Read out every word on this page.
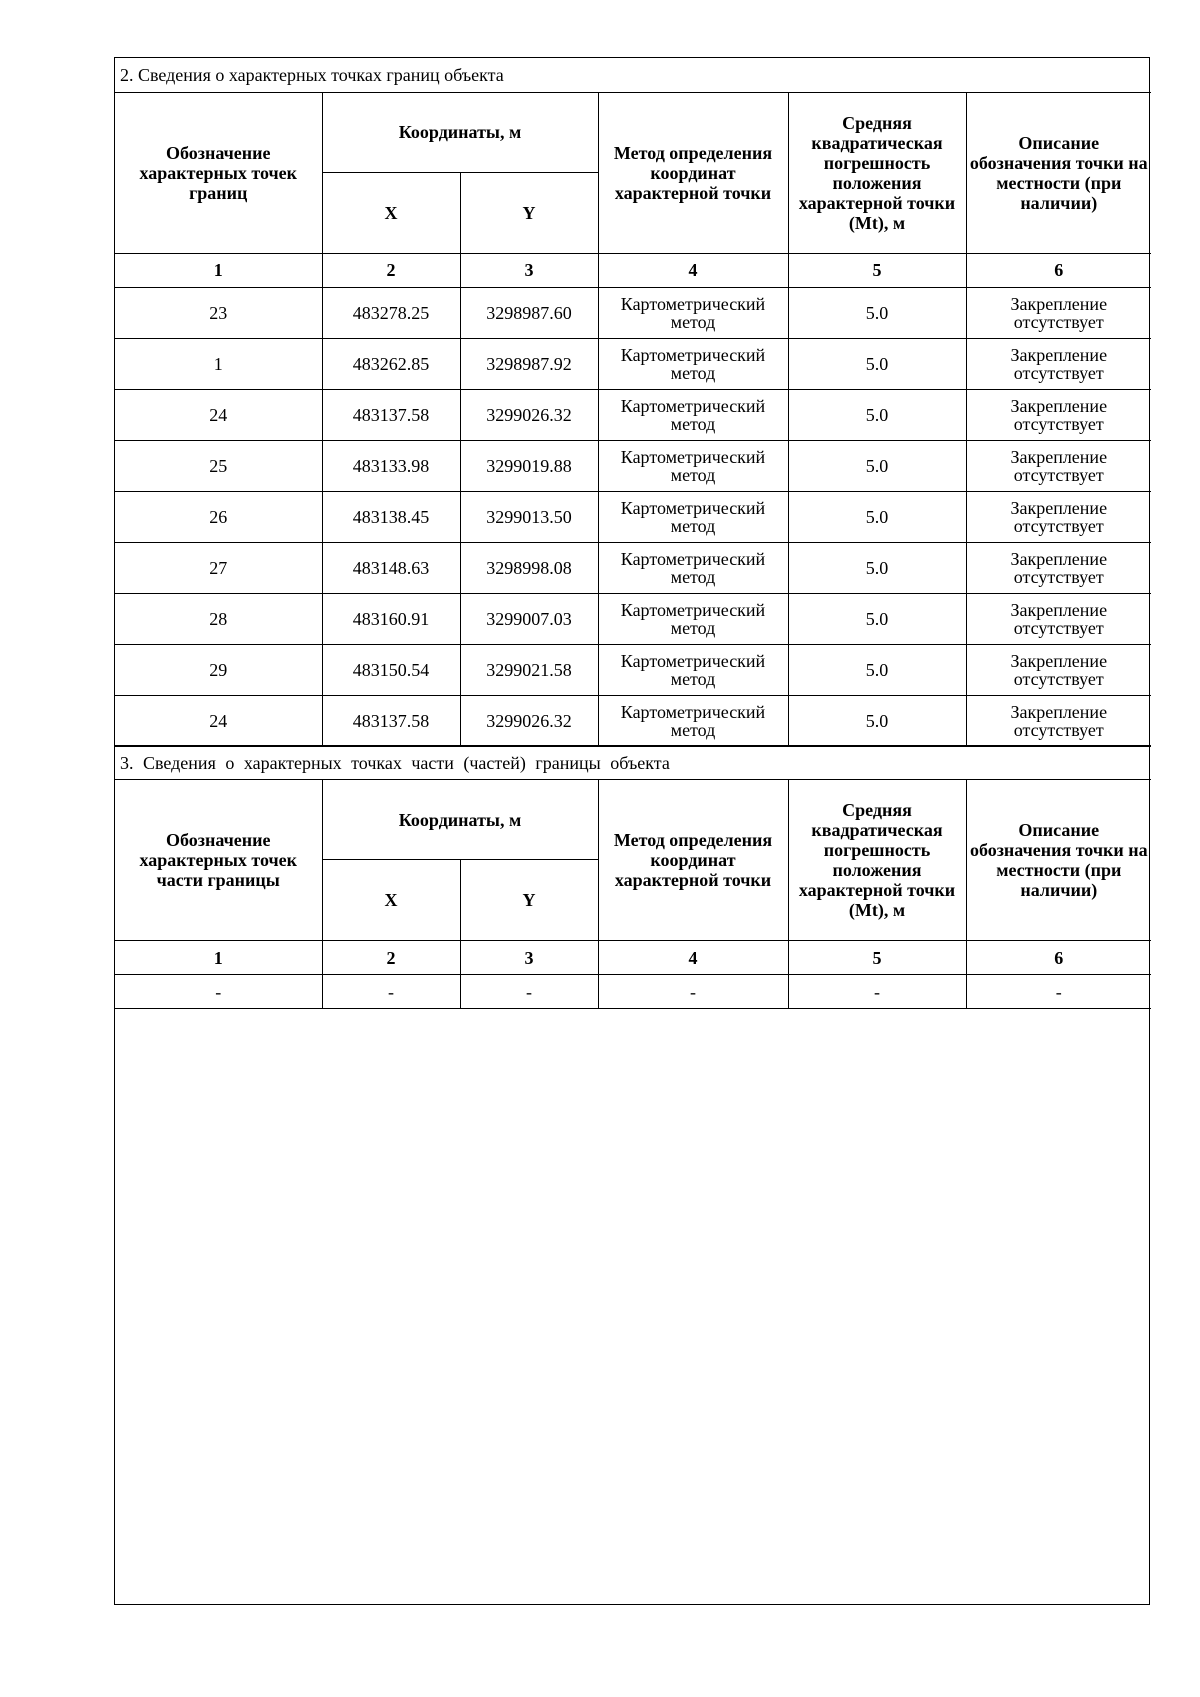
2. Сведения о характерных точках границ объекта					
Обозначение характерных точек границ	Координаты, м		Метод определения координат характерной точки	Средняя квадратическая погрешность положения характерной точки (Mt), м	Описание обозначения точки на местности (при наличии)
	X	Y			
1	2	3	4	5	6
23	483278.25	3298987.60	Картометрический метод	5.0	Закрепление отсутствует
1	483262.85	3298987.92	Картометрический метод	5.0	Закрепление отсутствует
24	483137.58	3299026.32	Картометрический метод	5.0	Закрепление отсутствует
25	483133.98	3299019.88	Картометрический метод	5.0	Закрепление отсутствует
26	483138.45	3299013.50	Картометрический метод	5.0	Закрепление отсутствует
27	483148.63	3298998.08	Картометрический метод	5.0	Закрепление отсутствует
28	483160.91	3299007.03	Картометрический метод	5.0	Закрепление отсутствует
29	483150.54	3299021.58	Картометрический метод	5.0	Закрепление отсутствует
24	483137.58	3299026.32	Картометрический метод	5.0	Закрепление отсутствует
3. Сведения о характерных точках части (частей) границы объекта					
Обозначение характерных точек части границы	Координаты, м		Метод определения координат характерной точки	Средняя квадратическая погрешность положения характерной точки (Mt), м	Описание обозначения точки на местности (при наличии)
	X	Y			
1	2	3	4	5	6
-	-	-	-	-	-
